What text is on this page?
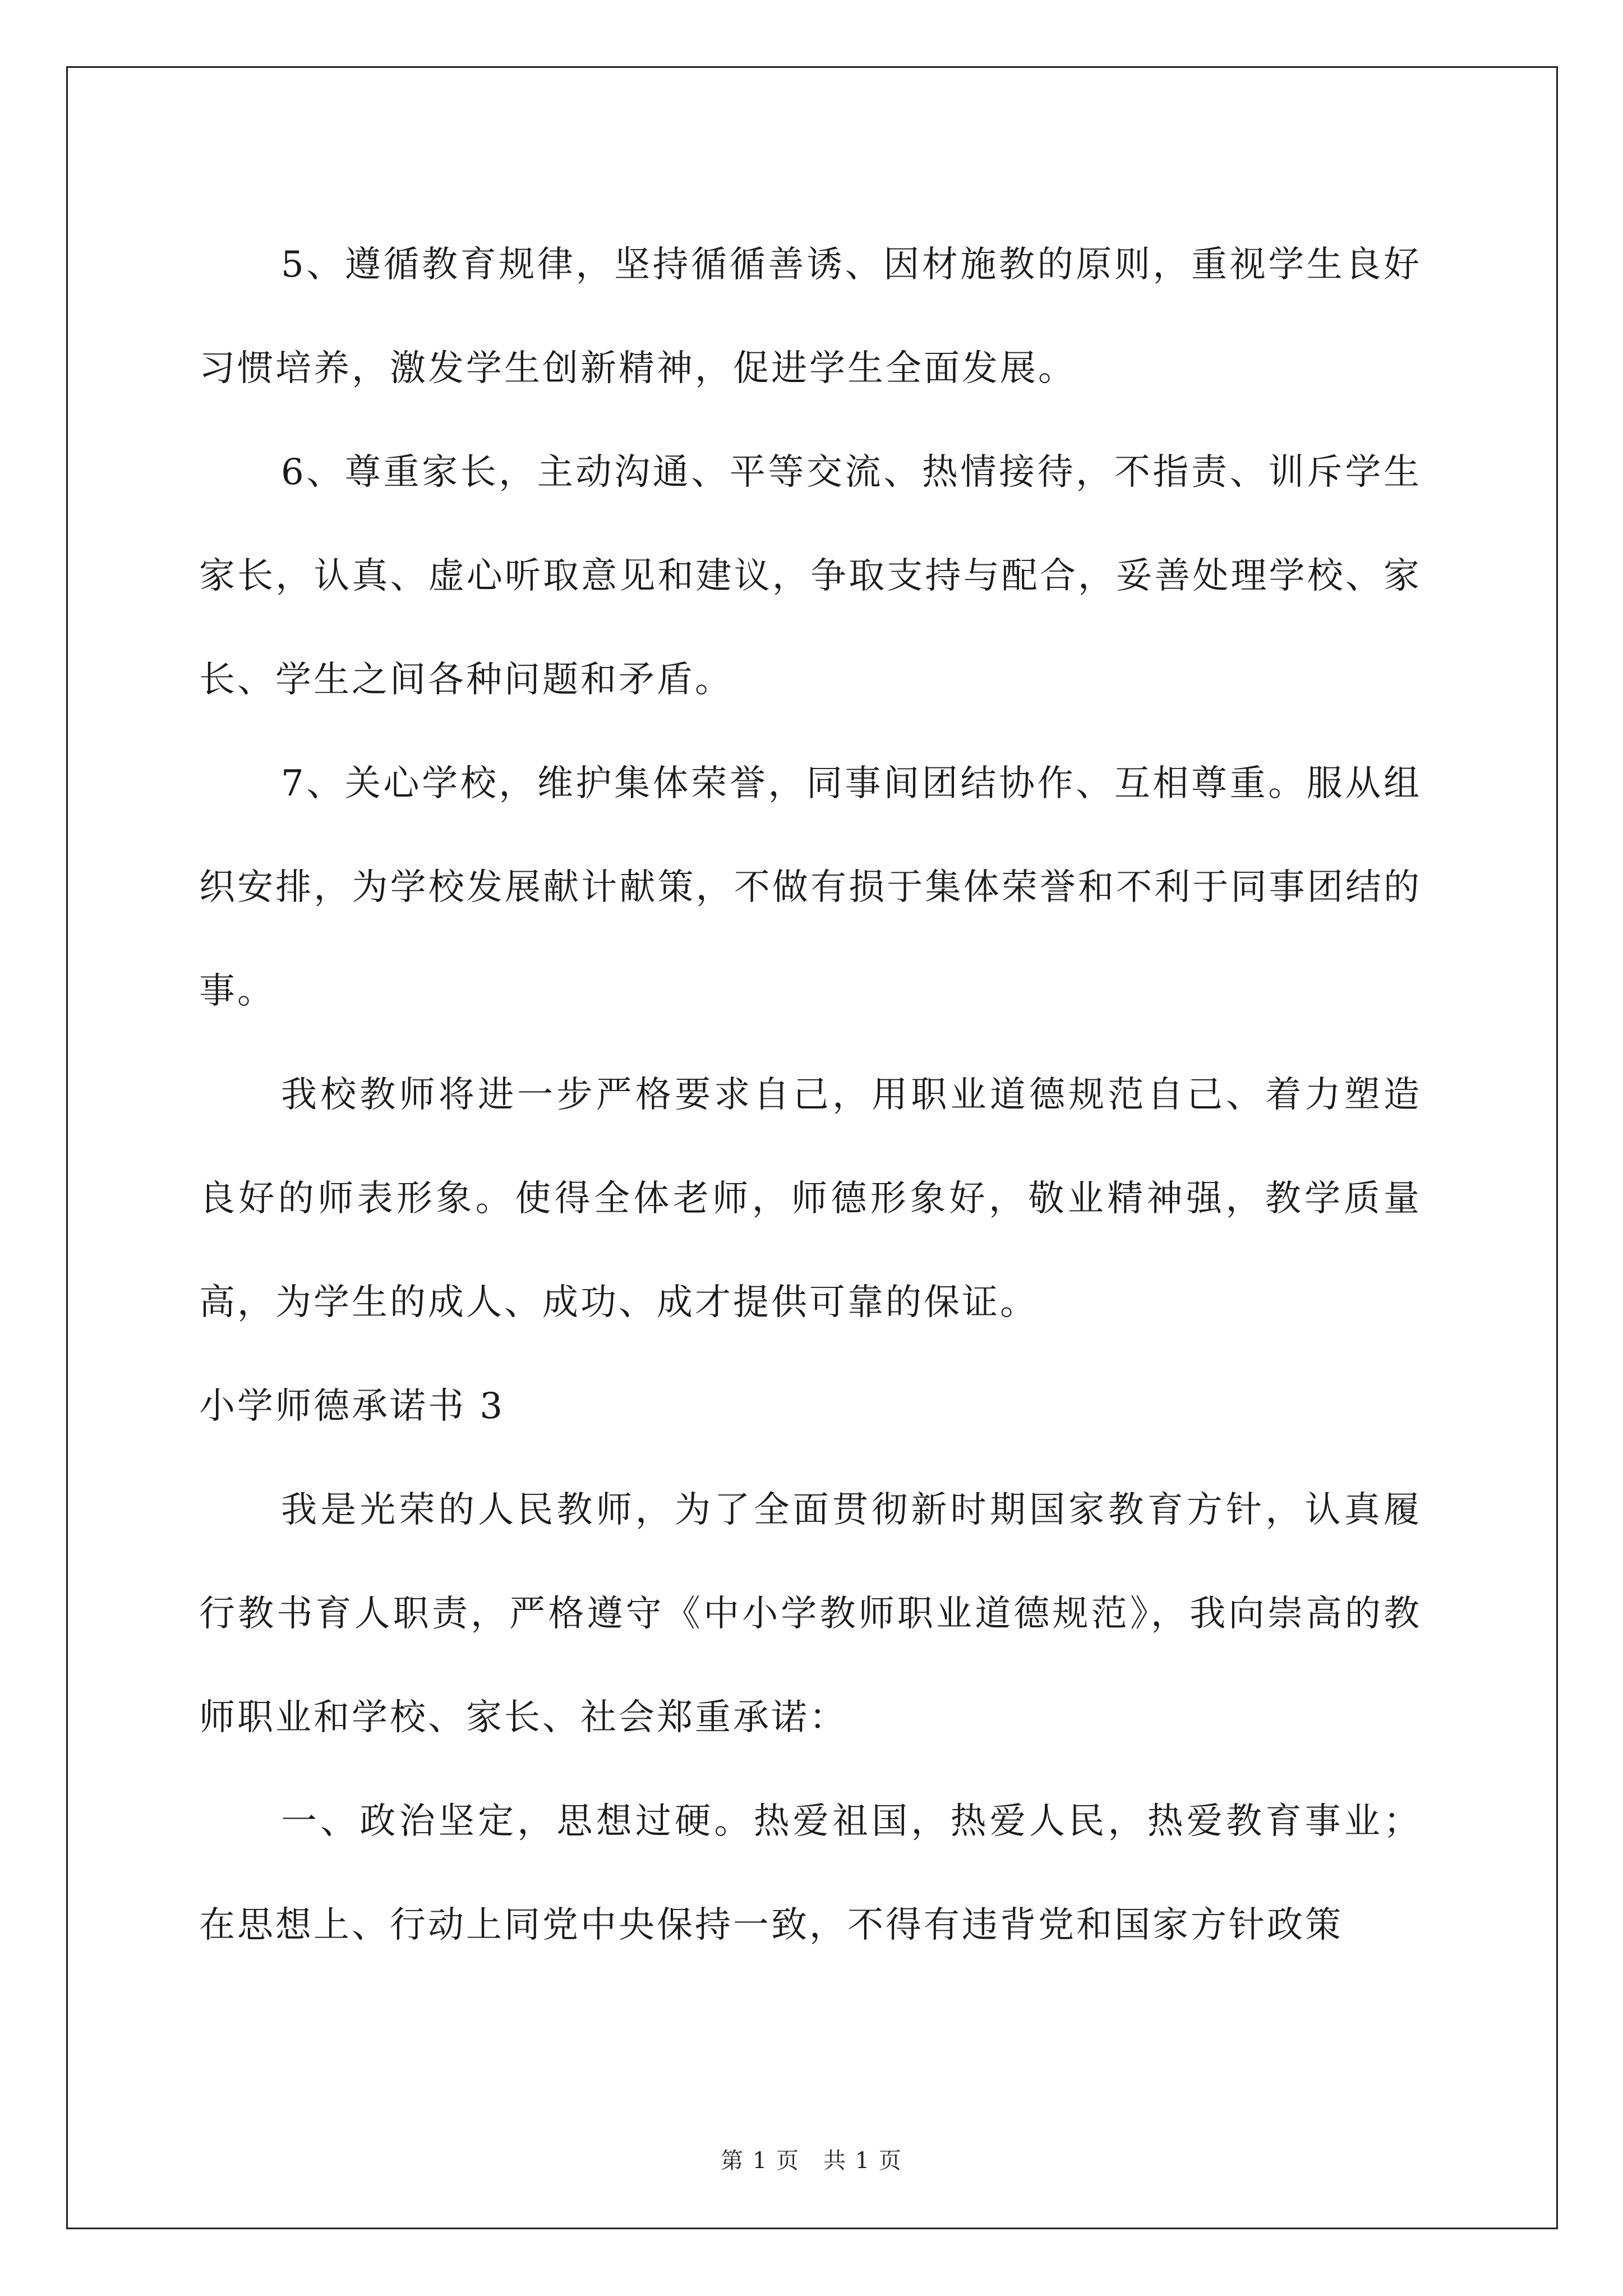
5、遵循教育规律，坚持循循善诱、因材施教的原则，重视学生良好习惯培养，激发学生创新精神，促进学生全面发展。

6、尊重家长，主动沟通、平等交流、热情接待，不指责、训斥学生家长，认真、虚心听取意见和建议，争取支持与配合，妥善处理学校、家长、学生之间各种问题和矛盾。

7、关心学校，维护集体荣誉，同事间团结协作、互相尊重。服从组织安排，为学校发展献计献策，不做有损于集体荣誉和不利于同事团结的事。

我校教师将进一步严格要求自己，用职业道德规范自己、着力塑造良好的师表形象。使得全体老师，师德形象好，敬业精神强，教学质量高，为学生的成人、成功、成才提供可靠的保证。

小学师德承诺书 3

我是光荣的人民教师，为了全面贯彻新时期国家教育方针，认真履行教书育人职责，严格遵守《中小学教师职业道德规范》，我向崇高的教师职业和学校、家长、社会郑重承诺：

一、政治坚定，思想过硬。热爱祖国，热爱人民，热爱教育事业；在思想上、行动上同党中央保持一致，不得有违背党和国家方针政策

第 1 页　共 1 页
